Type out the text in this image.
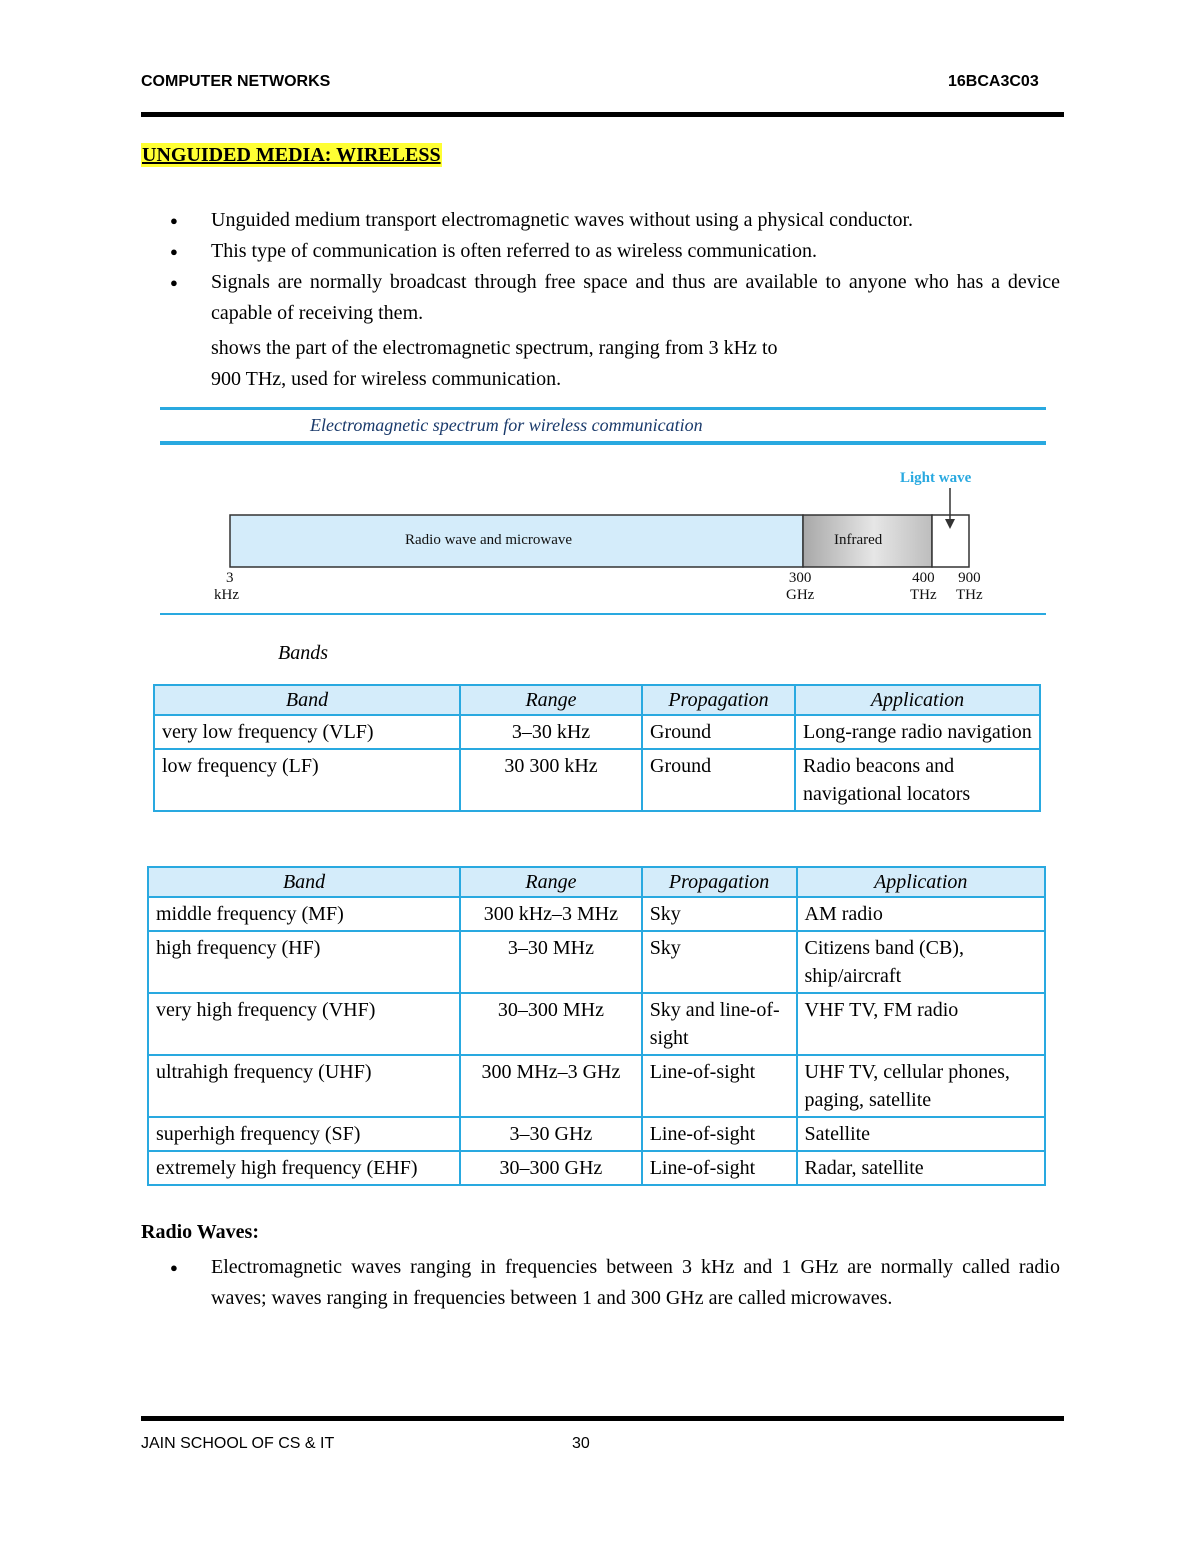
COMPUTER NETWORKS	16BCA3C03
UNGUIDED MEDIA: WIRELESS
● Unguided medium transport electromagnetic waves without using a physical conductor.
● This type of communication is often referred to as wireless communication.
● Signals are normally broadcast through free space and thus are available to anyone who has a device capable of receiving them.
shows the part of the electromagnetic spectrum, ranging from 3 kHz to
900 THz, used for wireless communication.
Electromagnetic spectrum for wireless communication
Radio wave and microwave	Infrared
Light wave
3
kHz
300
GHz
400
THz
900
THz
Bands
Band	Range	Propagation	Application
very low frequency (VLF)	3–30 kHz	Ground	Long-range radio navigation
low frequency (LF)	30 300 kHz	Ground	Radio beacons and navigational locators
Band	Range	Propagation	Application
middle frequency (MF)	300 kHz–3 MHz	Sky	AM radio
high frequency (HF)	3–30 MHz	Sky	Citizens band (CB), ship/aircraft
very high frequency (VHF)	30–300 MHz	Sky and line-of-sight	VHF TV, FM radio
ultrahigh frequency (UHF)	300 MHz–3 GHz	Line-of-sight	UHF TV, cellular phones, paging, satellite
superhigh frequency (SF)	3–30 GHz	Line-of-sight	Satellite
extremely high frequency (EHF)	30–300 GHz	Line-of-sight	Radar, satellite
Radio Waves:
● Electromagnetic waves ranging in frequencies between 3 kHz and 1 GHz are normally called radio waves; waves ranging in frequencies between 1 and 300 GHz are called microwaves.
JAIN SCHOOL OF CS & IT	30
